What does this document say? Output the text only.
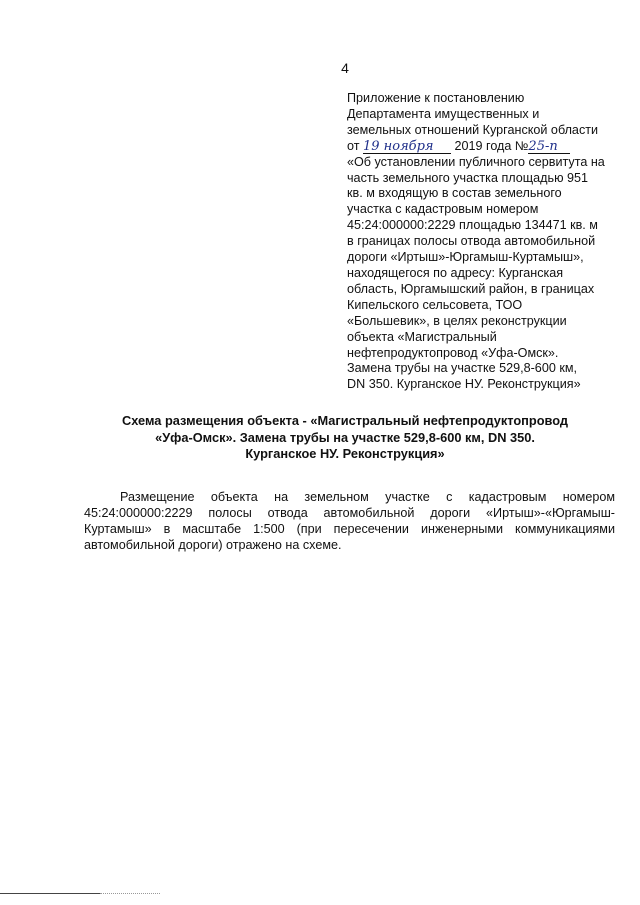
4
Приложение к постановлению
Департамента имущественных и
земельных отношений Курганской области
от 19 ноября 2019 года №25-п
«Об установлении публичного сервитута на
часть земельного участка площадью 951
кв. м входящую в состав земельного
участка с кадастровым номером
45:24:000000:2229 площадью 134471 кв. м
в границах полосы отвода автомобильной
дороги «Иртыш»-Юргамыш-Куртамыш»,
находящегося по адресу: Курганская
область, Юргамышский район, в границах
Кипельского сельсовета, ТОО
«Большевик», в целях реконструкции
объекта «Магистральный
нефтепродуктопровод «Уфа-Омск».
Замена трубы на участке 529,8-600 км,
DN 350. Курганское НУ. Реконструкция»
Схема размещения объекта - «Магистральный нефтепродуктопровод
«Уфа-Омск». Замена трубы на участке 529,8-600 км, DN 350.
Курганское НУ. Реконструкция»

Размещение объекта на земельном участке с кадастровым номером 45:24:000000:2229 полосы отвода автомобильной дороги «Иртыш»-«Юргамыш-Куртамыш» в масштабе 1:500 (при пересечении инженерными коммуникациями автомобильной дороги) отражено на схеме.
